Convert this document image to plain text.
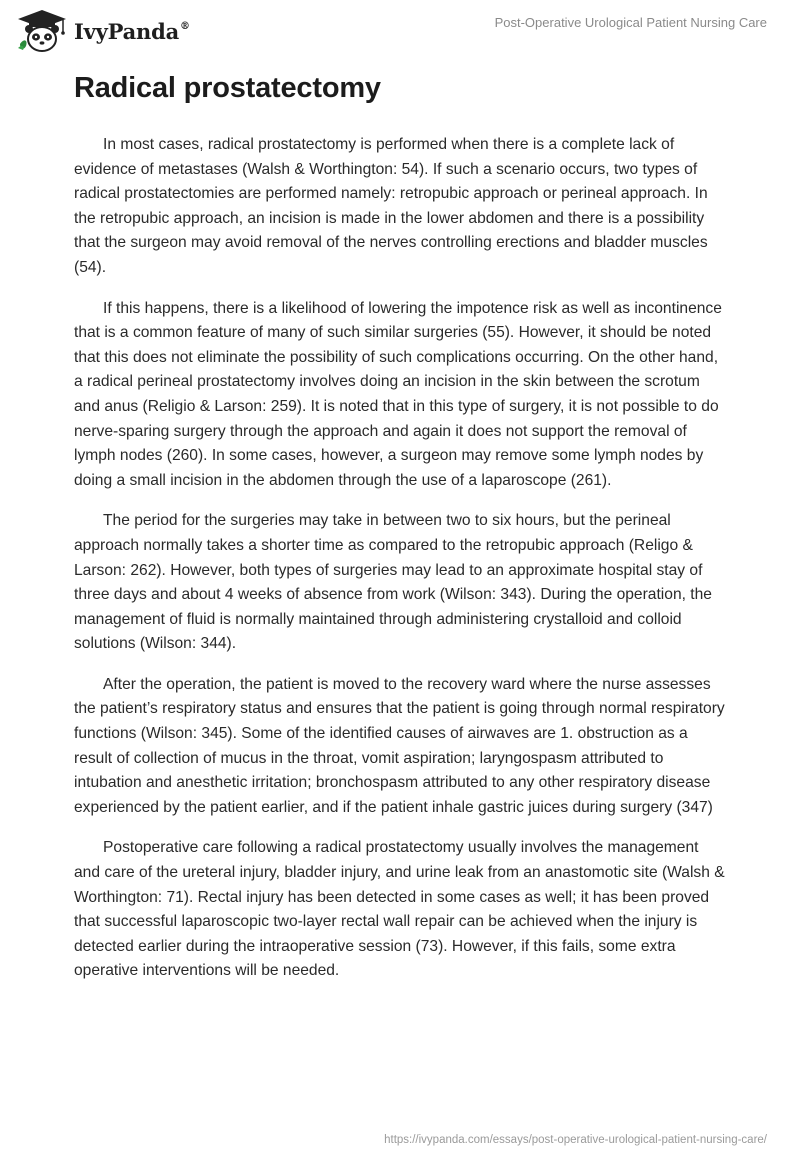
IvyPanda®	Post-Operative Urological Patient Nursing Care
Radical prostatectomy

In most cases, radical prostatectomy is performed when there is a complete lack of evidence of metastases (Walsh & Worthington: 54). If such a scenario occurs, two types of radical prostatectomies are performed namely: retropubic approach or perineal approach. In the retropubic approach, an incision is made in the lower abdomen and there is a possibility that the surgeon may avoid removal of the nerves controlling erections and bladder muscles (54).

If this happens, there is a likelihood of lowering the impotence risk as well as incontinence that is a common feature of many of such similar surgeries (55). However, it should be noted that this does not eliminate the possibility of such complications occurring. On the other hand, a radical perineal prostatectomy involves doing an incision in the skin between the scrotum and anus (Religio & Larson: 259). It is noted that in this type of surgery, it is not possible to do nerve-sparing surgery through the approach and again it does not support the removal of lymph nodes (260). In some cases, however, a surgeon may remove some lymph nodes by doing a small incision in the abdomen through the use of a laparoscope (261).

The period for the surgeries may take in between two to six hours, but the perineal approach normally takes a shorter time as compared to the retropubic approach (Religo & Larson: 262). However, both types of surgeries may lead to an approximate hospital stay of three days and about 4 weeks of absence from work (Wilson: 343). During the operation, the management of fluid is normally maintained through administering crystalloid and colloid solutions (Wilson: 344).

After the operation, the patient is moved to the recovery ward where the nurse assesses the patient’s respiratory status and ensures that the patient is going through normal respiratory functions (Wilson: 345). Some of the identified causes of airwaves are 1. obstruction as a result of collection of mucus in the throat, vomit aspiration; laryngospasm attributed to intubation and anesthetic irritation; bronchospasm attributed to any other respiratory disease experienced by the patient earlier, and if the patient inhale gastric juices during surgery (347)

Postoperative care following a radical prostatectomy usually involves the management and care of the ureteral injury, bladder injury, and urine leak from an anastomotic site (Walsh & Worthington: 71). Rectal injury has been detected in some cases as well; it has been proved that successful laparoscopic two-layer rectal wall repair can be achieved when the injury is detected earlier during the intraoperative session (73). However, if this fails, some extra operative interventions will be needed.

https://ivypanda.com/essays/post-operative-urological-patient-nursing-care/
